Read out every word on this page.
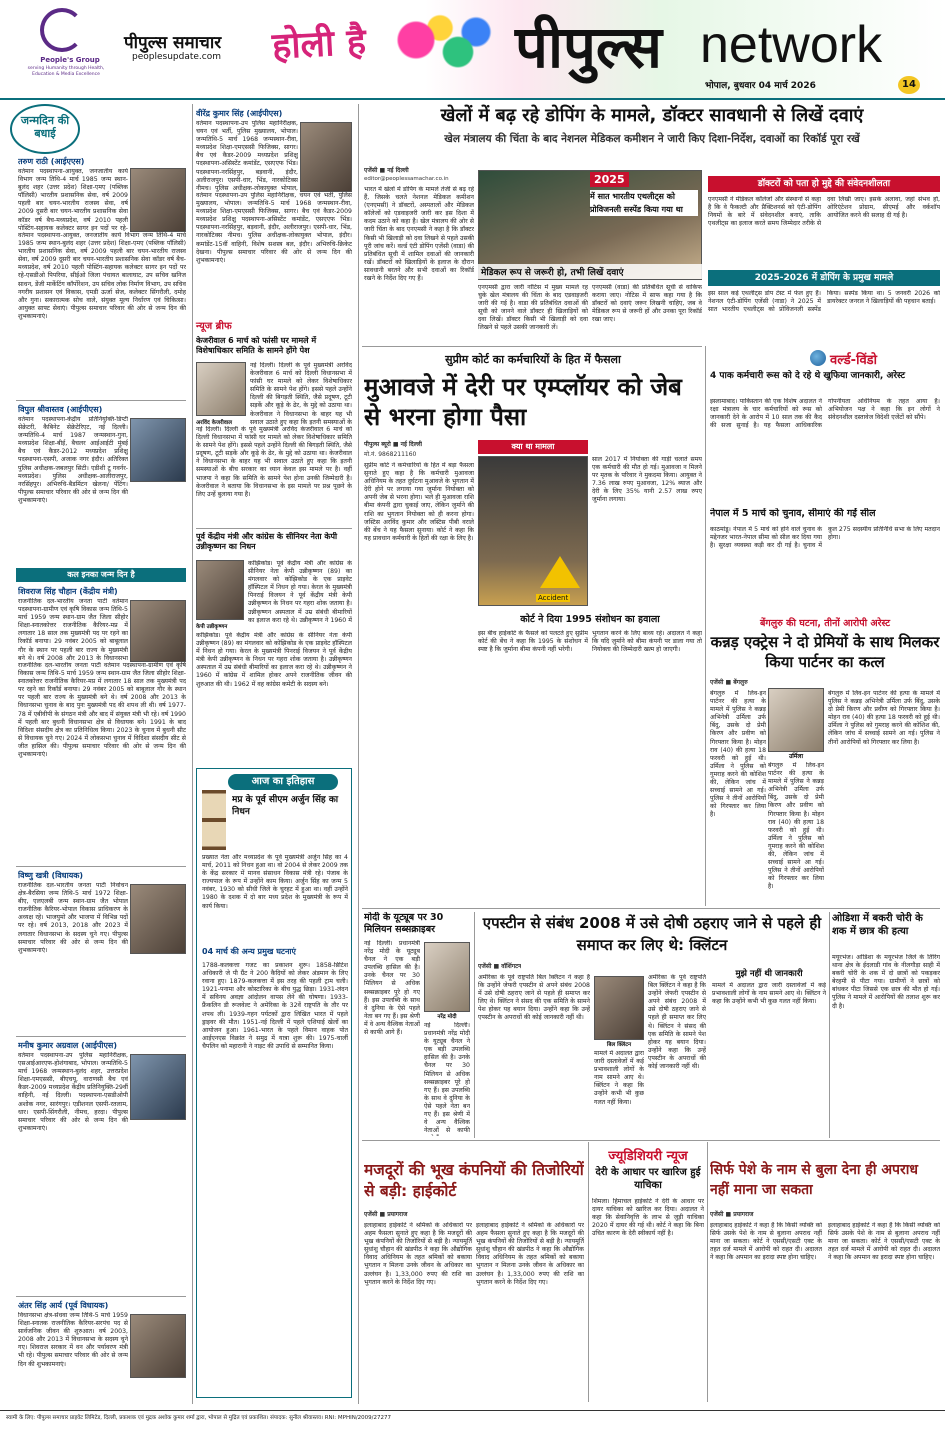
People's Group
serving Humanity through Health, Education & Media Excellence
पीपुल्स समाचार
peoplesupdate.com होली है	पीपुल्स network
भोपाल, बुधवार 04 मार्च 2026	14
जन्मदिन की बधाई
तरुण राठी (आईएएस)
वर्तमान पदस्थापना-आयुक्त, जनजातीय कार्य विभाग जन्म तिथि-4 मार्च 1985 जन्म स्थान-बुलंद शहर (उत्तर प्रदेश) शिक्षा-एमए (पब्लिक पॉलिसी) भारतीय प्रशासनिक सेवा, वर्ष 2009 पहली बार चयन-भारतीय राजस्व सेवा, वर्ष 2009 दूसरी बार चयन-भारतीय प्रशासनिक सेवा कॉडर वर्ष बैच-मध्यप्रदेश, वर्ष 2010 पहली पोस्टिंग-सहायक कलेक्टर सागर इन पदों पर रहे-
वर्तमान पदस्थापना-आयुक्त, जनजातीय कार्य विभाग जन्म तिथि-4 मार्च 1985 जन्म स्थान-बुलंद शहर (उत्तर प्रदेश) शिक्षा-एमए (पब्लिक पॉलिसी) भारतीय प्रशासनिक सेवा, वर्ष 2009 पहली बार चयन-भारतीय राजस्व सेवा, वर्ष 2009 दूसरी बार चयन-भारतीय प्रशासनिक सेवा कॉडर वर्ष बैच-मध्यप्रदेश, वर्ष 2010 पहली पोस्टिंग-सहायक कलेक्टर सागर इन पदों पर रहे-एसडीओ पिपरिया, सीईओ जिला पंचायत बालाघाट, उप सचिव खनिज साधन, डेंजी मार्केटिंग कॉर्पोरेशन, उप सचिव लोक निर्माण विभाग, उप सचिव नगरीय प्रशासन एवं विकास, एमडी ऊर्जा सेज, कलेक्टर सिंगरौली, दमोह और गुना। सकारात्मक सोच वाले, संयुक्त मूल्य निर्धारण एवं चिकित्सा। आयुक्त साफ्ट सेवाएं। पीपुल्स समाचार परिवार की ओर से जन्म दिन की शुभकामनाएं।
विपुल श्रीवास्तव (आईपीएस)
वर्तमान पदस्थापना-केंद्रीय प्रतिनियुक्ति-डिप्टी सेक्रेटरी, कैबिनेट सेक्रेटेरिएट, नई दिल्ली। जन्मतिथि-4 मार्च 1987 जन्मस्थान-गुना, मध्यप्रदेश शिक्षा-बीई, बैचलर आईआईटी मुंबई बैच एवं कैडर-2012 मध्यप्रदेश प्रशिक्षु पदस्थापना-एसपी, अजाक नगर इंदौर। अतिरिक्त पुलिस अधीक्षक-जबलपुर सिटी। एडीशी टू गवर्नर-मध्यप्रदेश। पुलिस अधीक्षक-आलीराजपुर, नरसिंहपुर। अभिरुचि-बैडमिंटन खेलना/ पेंटिंग। पीपुल्स समाचार परिवार की ओर से जन्म दिन की शुभकामनाएं।
कल इनका जन्म दिन है
शिवराज सिंह चौहान (केंद्रीय मंत्री)
राजनीतिक दल-भारतीय जनता पार्टी वर्तमान पदस्थापना-ग्रामीण एवं कृषि विकास जन्म तिथि-5 मार्च 1959 जन्म स्थान-ग्राम जैत जिला सीहोर शिक्षा-स्नातकोत्तर राजनीतिक कैरियर-मप्र में लगातार 18 साल तक मुख्यमंत्री पद पर रहने का रिकॉर्ड बनाया। 29 नवंबर 2005 को बाबूलाल गौर के स्थान पर पहली बार राज्य के मुख्यमंत्री बने थे। वर्ष 2008 और 2013 के विधानसभा
राजनीतिक दल-भारतीय जनता पार्टी वर्तमान पदस्थापना-ग्रामीण एवं कृषि विकास जन्म तिथि-5 मार्च 1959 जन्म स्थान-ग्राम जैत जिला सीहोर शिक्षा-स्नातकोत्तर राजनीतिक कैरियर-मप्र में लगातार 18 साल तक मुख्यमंत्री पद पर रहने का रिकॉर्ड बनाया। 29 नवंबर 2005 को बाबूलाल गौर के स्थान पर पहली बार राज्य के मुख्यमंत्री बने थे। वर्ष 2008 और 2013 के विधानसभा चुनाव के बाद पुनः मुख्यमंत्री पद की शपथ ली थी। वर्ष 1977-78 में एबीवीपी के संगठन मंत्री और बाद में संयुक्त मंत्री भी रहे। वर्ष 1990 में पहली बार बुधनी विधानसभा क्षेत्र से विधायक बने। 1991 के बाद विदिशा संसदीय क्षेत्र का प्रतिनिधित्व किया। 2023 के चुनाव में बुधनी सीट से विधायक चुने गए। 2024 में लोकसभा चुनाव में विदिशा संसदीय सीट से जीत हासिल की। पीपुल्स समाचार परिवार की ओर से जन्म दिन की शुभकामनाएं।
विष्णु खत्री (विधायक)
राजनीतिक दल-भारतीय जनता पार्टी निर्वाचन क्षेत्र-बैरसिया जन्म तिथि-5 मार्च 1972 शिक्षा-बीए, एलएलबी जन्म स्थान-ग्राम जैत भोपाल राजनीतिक कैरियर-भोपाल विकास प्राधिकरण के अध्यक्ष रहे। भाजयुमो और भाजपा में विभिन्न पदों पर रहे। वर्ष 2013, 2018 और 2023 में लगातार विधानसभा के सदस्य चुने गए। पीपुल्स समाचार परिवार की ओर से जन्म दिन की शुभकामनाएं।
मनीष कुमार अग्रवाल (आईपीएस)
वर्तमान पदस्थापना-उप पुलिस महानिरीक्षक, एसआईआरएफ-होशंगाबाद, भोपाल। जन्मतिथि-5 मार्च 1968 जन्मस्थान-बुलंद शहर, उत्तरप्रदेश शिक्षा-एमएससी, बीएचयू, वाराणसी बैच एवं कैडर-2009 मध्यप्रदेश केंद्रीय प्रतिनियुक्ति-29वीं वाहिनी, नई दिल्ली। पदस्थापना-एसडीओपी अशोक नगर, सारंगपुर। एडीशनल एसपी-रतलाम, धार। एसपी-सिंगरौली, नीमच, हरदा। पीपुल्स समाचार परिवार की ओर से जन्म दिन की शुभकामनाएं।
अंतर सिंह आर्य (पूर्व विधायक)
विधानसभा क्षेत्र-सेंधवा जन्म तिथि-5 मार्च 1959 शिक्षा-स्नातक राजनीतिक कैरियर-सरपंच पद से सार्वजनिक जीवन की शुरुआत। वर्ष 2003, 2008 और 2013 में विधानसभा के सदस्य चुने गए। शिवराज सरकार में वन और पर्यावरण मंत्री भी रहे। पीपुल्स समाचार परिवार की ओर से जन्म दिन की शुभकामनाएं।
वीरेंद्र कुमार सिंह (आईपीएस)
वर्तमान पदस्थापना-उप पुलिस महानिरीक्षक, चयन एवं भर्ती, पुलिस मुख्यालय, भोपाल। जन्मतिथि-5 मार्च 1968 जन्मस्थान-रीवा, मध्यप्रदेश शिक्षा-एमएससी फिजिक्स, सागर। बैच एवं कैडर-2009 मध्यप्रदेश प्रशिक्षु पदस्थापना-असिस्टेंट कमांडेंट, एसएएफ भिंड। पदस्थापना-नरसिंहपुर, बड़वानी, इंदौर, अलीराजपुर। एसपी-धार, भिंड, नारकोटिक्स नीमच। पुलिस अधीक्षक-लोकायुक्त भोपाल,
वर्तमान पदस्थापना-उप पुलिस महानिरीक्षक, चयन एवं भर्ती, पुलिस मुख्यालय, भोपाल। जन्मतिथि-5 मार्च 1968 जन्मस्थान-रीवा, मध्यप्रदेश शिक्षा-एमएससी फिजिक्स, सागर। बैच एवं कैडर-2009 मध्यप्रदेश प्रशिक्षु पदस्थापना-असिस्टेंट कमांडेंट, एसएएफ भिंड। पदस्थापना-नरसिंहपुर, बड़वानी, इंदौर, अलीराजपुर। एसपी-धार, भिंड, नारकोटिक्स नीमच। पुलिस अधीक्षक-लोकायुक्त भोपाल, इंदौर। कमांडेंट-15वीं वाहिनी, विशेष सशस्त्र बल, इंदौर। अभिरुचि-क्रिकेट देखना। पीपुल्स समाचार परिवार की ओर से जन्म दिन की शुभकामनाएं।
न्यूज ब्रीफ
केजरीवाल 6 मार्च को फांसी घर मामले में विशेषाधिकार समिति के सामने होंगे पेश
अरविंद केजरीवाल
नई दिल्ली। दिल्ली के पूर्व मुख्यमंत्री अरविंद केजरीवाल 6 मार्च को दिल्ली विधानसभा में फांसी घर मामले को लेकर विशेषाधिकार समिति के सामने पेश होंगे। इससे पहले उन्होंने दिल्ली की बिगड़ती स्थिति, जैसे प्रदूषण, टूटी सड़कें और कूड़े के ढेर, के मुद्दे को उठाया था। केजरीवाल ने विधानसभा के बाहर यह भी सवाल उठाते हुए कहा कि इतनी समस्याओं के
नई दिल्ली। दिल्ली के पूर्व मुख्यमंत्री अरविंद केजरीवाल 6 मार्च को दिल्ली विधानसभा में फांसी घर मामले को लेकर विशेषाधिकार समिति के सामने पेश होंगे। इससे पहले उन्होंने दिल्ली की बिगड़ती स्थिति, जैसे प्रदूषण, टूटी सड़कें और कूड़े के ढेर, के मुद्दे को उठाया था। केजरीवाल ने विधानसभा के बाहर यह भी सवाल उठाते हुए कहा कि इतनी समस्याओं के बीच सरकार का ध्यान केवल इस मामले पर है। वहीं भाजपा ने कहा कि समिति के सामने पेश होना उनकी जिम्मेदारी है। केजरीवाल ने बताया कि विधानसभा के इस मामले पर प्रश्न पूछने के लिए उन्हें बुलाया गया है।
पूर्व केंद्रीय मंत्री और कांग्रेस के सीनियर नेता केपी उन्नीकृष्णन का निधन
केपी उन्नीकृष्णन
कोझिकोड। पूर्व केंद्रीय मंत्री और कांग्रेस के सीनियर नेता केपी उन्नीकृष्णन (89) का मंगलवार को कोझिकोड के एक प्राइवेट हॉस्पिटल में निधन हो गया। केरल के मुख्यमंत्री पिनराई विजयन ने पूर्व केंद्रीय मंत्री केपी उन्नीकृष्णन के निधन पर गहरा शोक जताया है। उन्नीकृष्णन अस्पताल में उम्र संबंधी बीमारियों का इलाज करा रहे थे। उन्नीकृष्णन ने 1960 में
कोझिकोड। पूर्व केंद्रीय मंत्री और कांग्रेस के सीनियर नेता केपी उन्नीकृष्णन (89) का मंगलवार को कोझिकोड के एक प्राइवेट हॉस्पिटल में निधन हो गया। केरल के मुख्यमंत्री पिनराई विजयन ने पूर्व केंद्रीय मंत्री केपी उन्नीकृष्णन के निधन पर गहरा शोक जताया है। उन्नीकृष्णन अस्पताल में उम्र संबंधी बीमारियों का इलाज करा रहे थे। उन्नीकृष्णन ने 1960 में कांग्रेस में शामिल होकर अपने राजनीतिक जीवन की शुरुआत की थी। 1962 में वह कांग्रेस कमेटी के सदस्य बने।
आज का इतिहास
मप्र के पूर्व सीएम अर्जुन सिंह का निधन
प्रख्यात नेता और मध्यप्रदेश के पूर्व मुख्यमंत्री अर्जुन सिंह का 4 मार्च, 2011 को निधन हुआ था। वो 2004 से लेकर 2009 तक के केंद्र सरकार में मानव संसाधन विकास मंत्री रहे। पंजाब के राज्यपाल के रूप में उन्होंने काम किया। अर्जुन सिंह का जन्म 5 नवंबर, 1930 को सीधी जिले के चुरहट में हुआ था। वहीं उन्होंने 1980 के दशक में दो बार मध्य प्रदेश के मुख्यमंत्री के रूप में कार्य किया।
04 मार्च की अन्य प्रमुख घटनाएं
1788-कलकत्ता गजट का प्रकाशन शुरू। 1858-ब्रिटिश अधिकारी जे पी ग्रैंट ने 200 कैदियों को लेकर अंडमान के लिए रवाना हुए। 1879-कलकत्ता में इस तरह की पहली ट्राम चली। 1921-पनामा और कोस्टारिका के बीच युद्ध छिड़ा। 1931-लंदन में सविनय अवज्ञा आंदोलन वापस लेने की घोषणा। 1933-फ्रैंकलिन डी रूजवेल्ट ने अमेरिका के 32वें राष्ट्रपति के तौर पर शपथ ली। 1939-गहन पर्यटकों द्वारा लिखित भारत में पहले ड्राइवर की मौत। 1951-नई दिल्ली में पहले एशियाई खेलों का आयोजन हुआ। 1961-भारत के पहले विमान वाहक पोत आईएनएस विक्रांत ने समुद्र में यात्रा शुरू की। 1975-चार्ली चैपलिन को महारानी ने नाइट की उपाधि से सम्मानित किया।
खेलों में बढ़ रहे डोपिंग के मामले, डॉक्टर सावधानी से लिखें दवाएं
खेल मंत्रालय की चिंता के बाद नेशनल मेडिकल कमीशन ने जारी किए दिशा-निर्देश, दवाओं का रिकॉर्ड पूरा रखें
एजेंसी ■ नई दिल्ली
editor@peoplessamachar.co.in
भारत में खेलों में डोपिंग के मामले तेजी से बढ़ रहे हैं, जिसके चलते नेशनल मेडिकल कमीशन (एनएमसी) ने डॉक्टरों, अस्पतालों और मेडिकल कॉलेजों को एडवाइजरी जारी कर इस दिशा में कदम उठाने को कहा है। खेल मंत्रालय की ओर से जारी चिंता के बाद एनएमसी ने कहा है कि डॉक्टर किसी भी खिलाड़ी को दवा लिखने से पहले उसकी पूरी जांच करें। वर्ल्ड एंटी डोपिंग एजेंसी (वाडा) की प्रतिबंधित सूची में शामिल दवाओं की जानकारी रखें। डॉक्टरों को खिलाड़ियों के इलाज के दौरान सावधानी बरतने और सभी दवाओं का रिकॉर्ड रखने के निर्देश दिए गए हैं।
2025
में सात भारतीय एथलीट्स को प्रोविजनली सस्पेंड किया गया था
मेडिकल रूप से जरूरी हो, तभी लिखें दवाएं
एनएमसी द्वारा जारी नोटिस में मुख्य मामले रह चुके खेल मंत्रालय की चिंता के बाद एडवाइजरी जारी की गई है। वाडा की प्रतिबंधित दवाओं की सूची को जानने वाले डॉक्टर ही खिलाड़ियों को दवा लिखें। डॉक्टर किसी भी खिलाड़ी को दवा लिखने से पहले उसकी जानकारी लें।
एनएमसी (वाडा) की प्रतिबंधित सूची से वाकिफ कराया जाए। नोटिस में साफ कहा गया है कि डॉक्टरों को दवाएं जरूर लिखनी चाहिए, जब वे मेडिकल रूप से जरूरी हों और उनका पूरा रिकॉर्ड रखा जाए।
डॉक्टरों को पता हो मुद्दे की संवेदनशीलता
एनएमसी ने मेडिकल कॉलेजों और संस्थानों से कहा है कि वे फैकल्टी और प्रैक्टिशनर्स को एंटी-डोपिंग नियमों के बारे में संवेदनशील बनाएं, ताकि एथलीट्स का इलाज करते समय जिम्मेदार तरीके से दवा लिखी जाए। इसके अलावा, जहां संभव हो, ओरिएंटेशन प्रोग्राम, सीएमई और वर्कशॉप आयोजित करने की सलाह दी गई है।
2025-2026 में डोपिंग के प्रमुख मामले
इस साल कई एथलीट्स डोप टेस्ट में फेल हुए हैं। नेशनल एंटी-डोपिंग एजेंसी (नाडा) ने 2025 में सात भारतीय एथलीट्स को प्रोविजनली सस्पेंड किया। सस्पेंड किया था। 5 जनवरी 2026 को डायरेक्टर जनरल ने खिलाड़ियों की पहचान बताई।
सुप्रीम कोर्ट का कर्मचारियों के हित में फैसला
मुआवजे में देरी पर एम्प्लॉयर को जेब से भरना होगा पैसा
पीपुल्स ब्यूरो ■ नई दिल्ली
मो.नं. 9868211160
सुप्रीम कोर्ट ने कर्मचारियों के हित में बड़ा फैसला सुनाते हुए कहा है कि कर्मचारी मुआवजा अधिनियम के तहत दुर्घटना मुआवजे के भुगतान में देरी होने पर लगाया गया जुर्माना नियोक्ता को अपनी जेब से भरना होगा। भले ही मुआवजा राशि बीमा कंपनी द्वारा चुकाई जाए, लेकिन जुर्माने की राशि का भुगतान नियोक्ता को ही करना होगा। जस्टिस अरविंद कुमार और जस्टिस पीबी वराले की बेंच ने यह फैसला सुनाया। कोर्ट ने कहा कि यह प्रावधान कर्मचारी के हितों की रक्षा के लिए है।
क्या था मामला
Accident
साल 2017 में नियोक्ता की गाड़ी चलाते समय एक कर्मचारी की मौत हो गई। मुआवजा न मिलने पर मृतक के परिवार ने मुकदमा किया। आयुक्त ने 7.36 लाख रुपए मुआवजा, 12% ब्याज और देरी के लिए 35% यानी 2.57 लाख रुपए जुर्माना लगाया।
कोर्ट ने दिया 1995 संशोधन का हवाला
इस बीच हाईकोर्ट के फैसले को पलटते हुए सुप्रीम कोर्ट की बेंच ने कहा कि 1995 के संशोधन में स्पष्ट है कि जुर्माना बीमा कंपनी नहीं भरेगी।
भुगतान करने के लिए बाध्य रहे। अदालत ने कहा कि यदि जुर्माने को बीमा कंपनी पर डाला गया तो नियोक्ता की जिम्मेदारी खत्म हो जाएगी।
वर्ल्ड-विंडो
4 पाक कर्मचारी रूस को दे रहे थे खुफिया जानकारी, अरेस्ट
इस्लामाबाद। पाकिस्तान की एक विशेष अदालत ने रक्षा मंत्रालय के चार कर्मचारियों को रूस को जानकारी देने के आरोप में 10 साल तक की कैद की सजा सुनाई है। यह फैसला आधिकारिक गोपनीयता अधिनियम के तहत आया है। अभियोजन पक्ष ने कहा कि इन लोगों ने संवेदनशील दस्तावेज विदेशी एजेंटों को सौंपे।
नेपाल में 5 मार्च को चुनाव, सीमाएं की गईं सील
काठमांडू। नेपाल में 5 मार्च को होने वाले चुनाव के मद्देनजर भारत-नेपाल सीमा को सील कर दिया गया है। सुरक्षा व्यवस्था कड़ी कर दी गई है। चुनाव में कुल 275 सदस्यीय प्रतिनिधि सभा के लिए मतदान होगा।
बेंगलुरु की घटना, तीनों आरोपी अरेस्ट
कन्नड़ एक्ट्रेस ने दो प्रेमियों के साथ मिलकर किया पार्टनर का कत्ल
एजेंसी ■ बेंगलुरु
उर्मिला
बेंगलुरु में लिव-इन पार्टनर की हत्या के मामले में पुलिस ने कन्नड़ अभिनेत्री उर्मिला उर्फ बिंदु, उसके दो प्रेमी किरण और प्रवीण को गिरफ्तार किया है। मोहन राव (40) की हत्या 18 फरवरी को हुई थी। उर्मिला ने पुलिस को गुमराह करने की कोशिश की, लेकिन जांच में सच्चाई सामने आ गई। पुलिस ने तीनों आरोपियों को गिरफ्तार कर लिया है।
बेंगलुरु में लिव-इन पार्टनर की हत्या के मामले में पुलिस ने कन्नड़ अभिनेत्री उर्मिला उर्फ बिंदु, उसके दो प्रेमी किरण और प्रवीण को गिरफ्तार किया है। मोहन राव (40) की हत्या 18 फरवरी को हुई थी। उर्मिला ने पुलिस को गुमराह करने की कोशिश की, लेकिन जांच में सच्चाई सामने आ गई। पुलिस ने तीनों आरोपियों को गिरफ्तार कर लिया है।
बेंगलुरु में लिव-इन पार्टनर की हत्या के मामले में पुलिस ने कन्नड़ अभिनेत्री उर्मिला उर्फ बिंदु, उसके दो प्रेमी किरण और प्रवीण को गिरफ्तार किया है। मोहन राव (40) की हत्या 18 फरवरी को हुई थी। उर्मिला ने पुलिस को गुमराह करने की कोशिश की, लेकिन जांच में सच्चाई सामने आ गई। पुलिस ने तीनों आरोपियों को गिरफ्तार कर लिया है।
मोदी के यूट्यूब पर 30 मिलियन सब्सक्राइबर
नई दिल्ली। प्रधानमंत्री नरेंद्र मोदी के यूट्यूब चैनल ने एक बड़ी उपलब्धि हासिल की है। उनके चैनल पर 30 मिलियन से अधिक सब्सक्राइबर पूरे हो गए हैं। इस उपलब्धि के साथ वे दुनिया के ऐसे पहले नेता बन गए हैं। इस श्रेणी में वे अन्य वैश्विक नेताओं से काफी आगे हैं।
नरेंद्र मोदी
नई दिल्ली। प्रधानमंत्री नरेंद्र मोदी के यूट्यूब चैनल ने एक बड़ी उपलब्धि हासिल की है। उनके चैनल पर 30 मिलियन से अधिक सब्सक्राइबर पूरे हो गए हैं। इस उपलब्धि के साथ वे दुनिया के ऐसे पहले नेता बन गए हैं। इस श्रेणी में वे अन्य वैश्विक नेताओं से काफी
एपस्टीन से संबंध 2008 में उसे दोषी ठहराए जाने से पहले ही समाप्त कर लिए थे: क्लिंटन
एजेंसी ■ वॉशिंगटन
अमेरिका के पूर्व राष्ट्रपति बिल क्लिंटन ने कहा है कि उन्होंने जेफरी एपस्टीन से अपने संबंध 2008 में उसे दोषी ठहराए जाने से पहले ही समाप्त कर लिए थे। क्लिंटन ने संसद की एक समिति के सामने पेश होकर यह बयान दिया। उन्होंने कहा कि उन्हें एपस्टीन के अपराधों की कोई जानकारी नहीं थी।
बिल क्लिंटन
अमेरिका के पूर्व राष्ट्रपति बिल क्लिंटन ने कहा है कि उन्होंने जेफरी एपस्टीन से अपने संबंध 2008 में उसे दोषी ठहराए जाने से पहले ही समाप्त कर लिए थे। क्लिंटन ने संसद की एक समिति के सामने पेश होकर यह बयान दिया। उन्होंने कहा कि उन्हें एपस्टीन के अपराधों की कोई जानकारी नहीं थी।
मामले में अदालत द्वारा जारी दस्तावेजों में कई प्रभावशाली लोगों के नाम सामने आए थे। क्लिंटन ने कहा कि उन्होंने कभी भी कुछ गलत नहीं किया।
मुझे नहीं थी जानकारी
मामले में अदालत द्वारा जारी दस्तावेजों में कई प्रभावशाली लोगों के नाम सामने आए थे। क्लिंटन ने कहा कि उन्होंने कभी भी कुछ गलत नहीं किया।
ओडिशा में बकरी चोरी के शक में छात्र की हत्या
मयूरभंज। ओडिशा के मयूरभंज जिले के तिरिंग थाना क्षेत्र के ईदलाडी गांव के नीलगौड़ा साही में बकरी चोरी के शक में दो छात्रों को पकड़कर बेरहमी से पीटा गया। ग्रामीणों ने छात्रों को बांधकर पीटा जिससे एक छात्र की मौत हो गई। पुलिस ने मामले में आरोपियों की तलाश शुरू कर दी है।
मजदूरों की भूख कंपनियों की तिजोरियों से बड़ी: हाईकोर्ट
एजेंसी ■ प्रयागराज
इलाहाबाद हाईकोर्ट ने श्रमिकों के अधिकारों पर अहम फैसला सुनाते हुए कहा है कि मजदूरों की भूख कंपनियों की तिजोरियों से बड़ी है। न्यायमूर्ति सुधांशु चौहान की खंडपीठ ने कहा कि औद्योगिक विवाद अधिनियम के तहत श्रमिकों को बकाया भुगतान न मिलना उनके जीवन के अधिकार का उल्लंघन है। 1,33,000 रुपए की राशि का भुगतान करने के निर्देश दिए गए।
इलाहाबाद हाईकोर्ट ने श्रमिकों के अधिकारों पर अहम फैसला सुनाते हुए कहा है कि मजदूरों की भूख कंपनियों की तिजोरियों से बड़ी है। न्यायमूर्ति सुधांशु चौहान की खंडपीठ ने कहा कि औद्योगिक विवाद अधिनियम के तहत श्रमिकों को बकाया भुगतान न मिलना उनके जीवन के अधिकार का उल्लंघन है। 1,33,000 रुपए की राशि का भुगतान करने के निर्देश दिए गए।
ज्यूडिशियरी न्यूज
देरी के आधार पर खारिज हुई याचिका
शिमला। हिमाचल हाईकोर्ट ने देरी के आधार पर दायर याचिका को खारिज कर दिया। अदालत ने कहा कि सेवानिवृत्ति के लाभ से जुड़ी याचिका 2020 में दायर की गई थी। कोर्ट ने कहा कि बिना उचित कारण के देरी स्वीकार्य नहीं है।
सिर्फ पेशे के नाम से बुला देना ही अपराध नहीं माना जा सकता
एजेंसी ■ प्रयागराज
इलाहाबाद हाईकोर्ट ने कहा है कि किसी व्यक्ति को सिर्फ उसके पेशे के नाम से बुलाना अपराध नहीं माना जा सकता। कोर्ट ने एससी/एसटी एक्ट के तहत दर्ज मामले में आरोपी को राहत दी। अदालत ने कहा कि अपमान का इरादा स्पष्ट होना चाहिए।
इलाहाबाद हाईकोर्ट ने कहा है कि किसी व्यक्ति को सिर्फ उसके पेशे के नाम से बुलाना अपराध नहीं माना जा सकता। कोर्ट ने एससी/एसटी एक्ट के तहत दर्ज मामले में आरोपी को राहत दी। अदालत ने कहा कि अपमान का इरादा स्पष्ट होना चाहिए।
स्वामी के लिए: पीपुल्स समाचार प्राइवेट लिमिटेड, दिल्ली, प्रकाशक एवं मुद्रक अशोक कुमार शर्मा द्वारा, भोपाल से मुद्रित एवं प्रकाशित। संपादक: सुनील श्रीवास्तव। RNI: MPHIN/2009/27277
